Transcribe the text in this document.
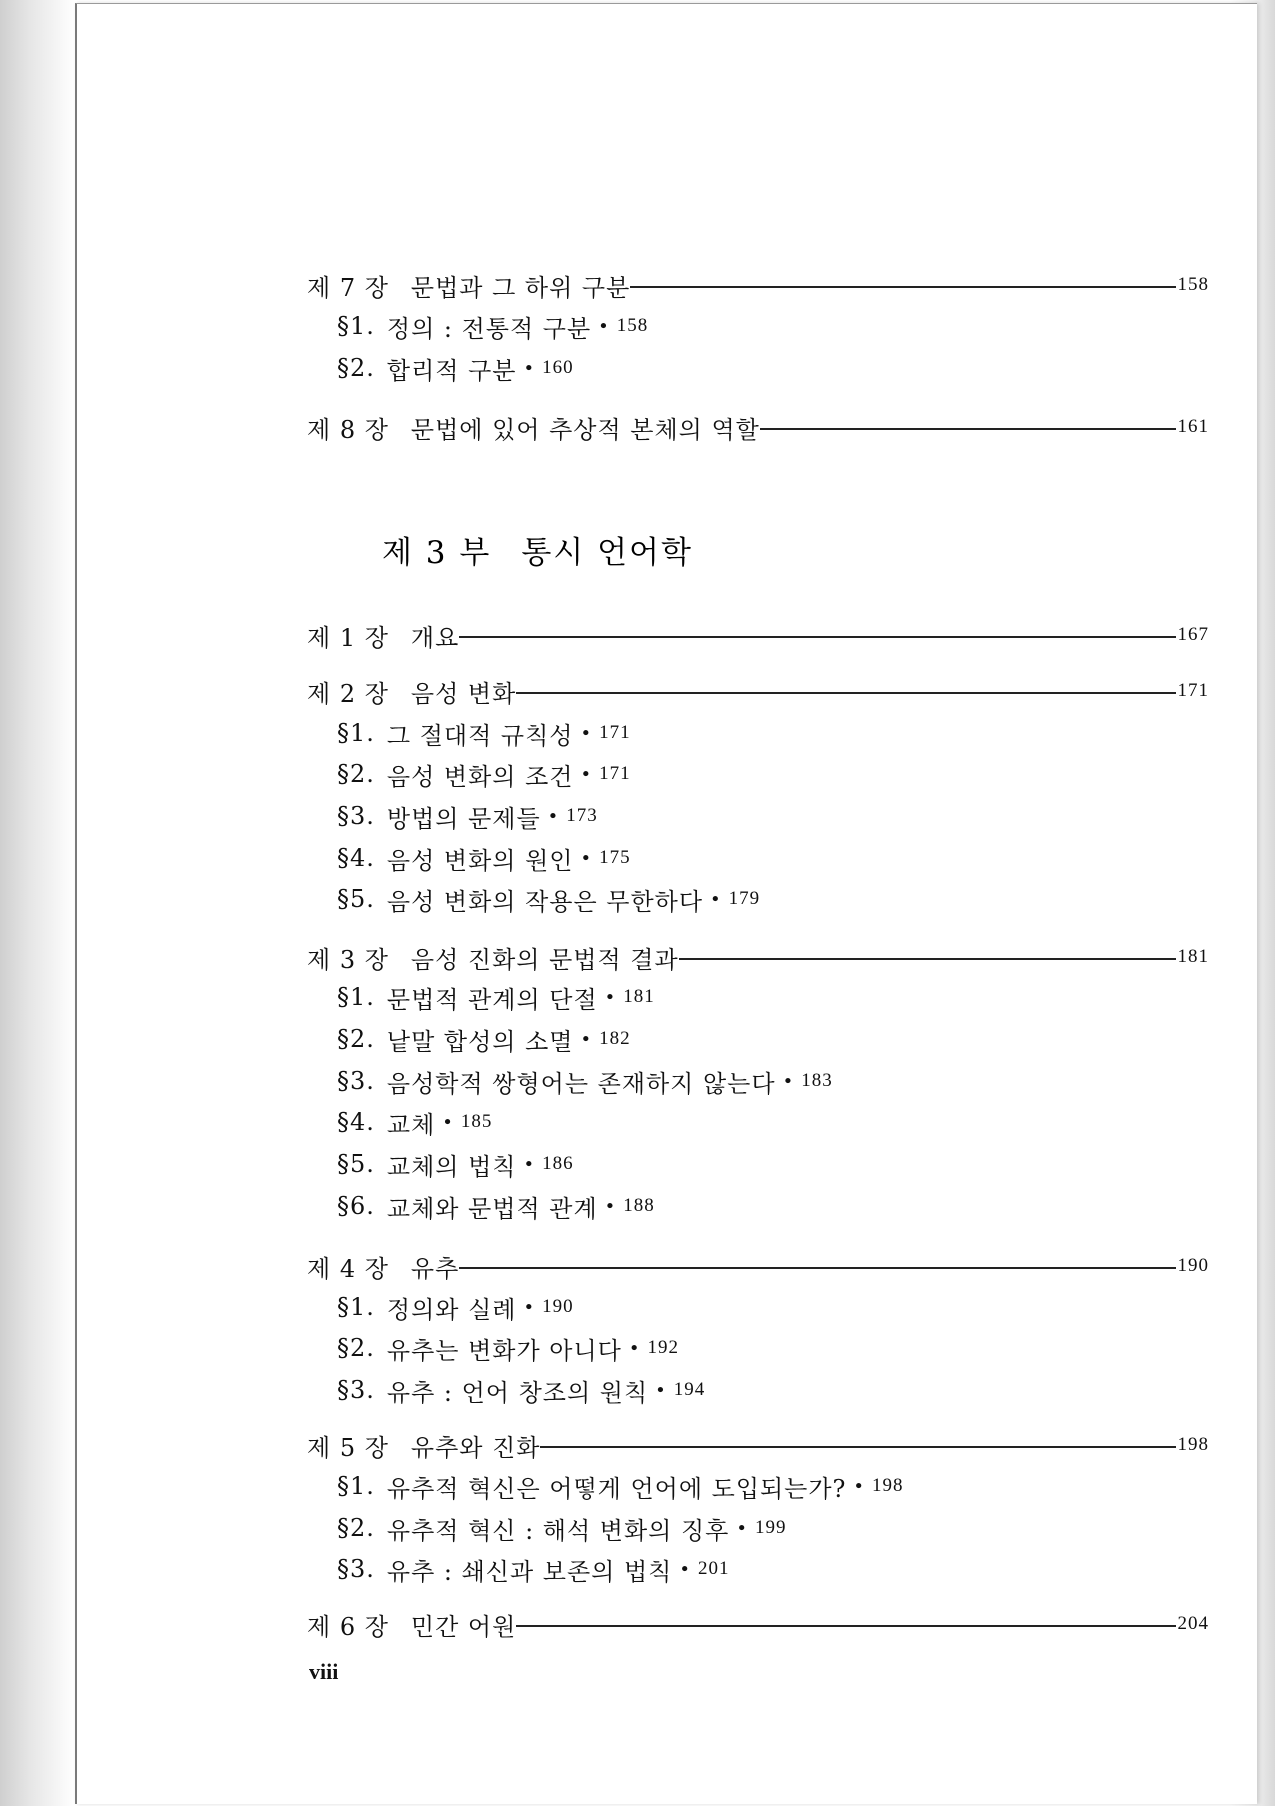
제 7 장 문법과 그 하위 구분	158
§1. 정의 : 전통적 구분 • 158
§2. 합리적 구분 • 160
제 8 장 문법에 있어 추상적 본체의 역할	161
제 3 부 통시 언어학
제 1 장 개요	167
제 2 장 음성 변화	171
§1. 그 절대적 규칙성 • 171
§2. 음성 변화의 조건 • 171
§3. 방법의 문제들 • 173
§4. 음성 변화의 원인 • 175
§5. 음성 변화의 작용은 무한하다 • 179
제 3 장 음성 진화의 문법적 결과	181
§1. 문법적 관계의 단절 • 181
§2. 낱말 합성의 소멸 • 182
§3. 음성학적 쌍형어는 존재하지 않는다 • 183
§4. 교체 • 185
§5. 교체의 법칙 • 186
§6. 교체와 문법적 관계 • 188
제 4 장 유추	190
§1. 정의와 실례 • 190
§2. 유추는 변화가 아니다 • 192
§3. 유추 : 언어 창조의 원칙 • 194
제 5 장 유추와 진화	198
§1. 유추적 혁신은 어떻게 언어에 도입되는가? • 198
§2. 유추적 혁신 : 해석 변화의 징후 • 199
§3. 유추 : 쇄신과 보존의 법칙 • 201
제 6 장 민간 어원	204
viii
